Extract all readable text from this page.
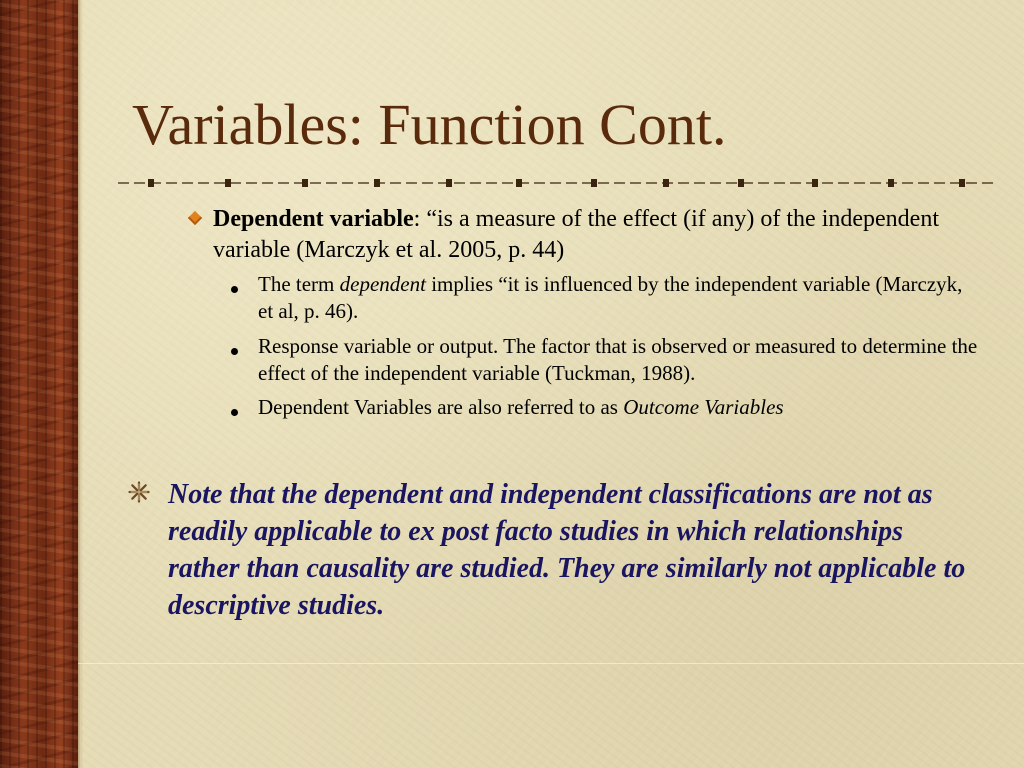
Variables: Function Cont.
Dependent variable: “is a measure of the effect (if any) of the independent variable (Marczyk et al. 2005, p. 44)
The term dependent implies “it is influenced by the independent variable (Marczyk, et al, p. 46).
Response variable or output. The factor that is observed or measured to determine the effect of the independent variable (Tuckman, 1988).
Dependent Variables are also referred to as Outcome Variables
Note that the dependent and independent classifications are not as readily applicable to ex post facto studies in which relationships rather than causality are studied. They are similarly not applicable to descriptive studies.
